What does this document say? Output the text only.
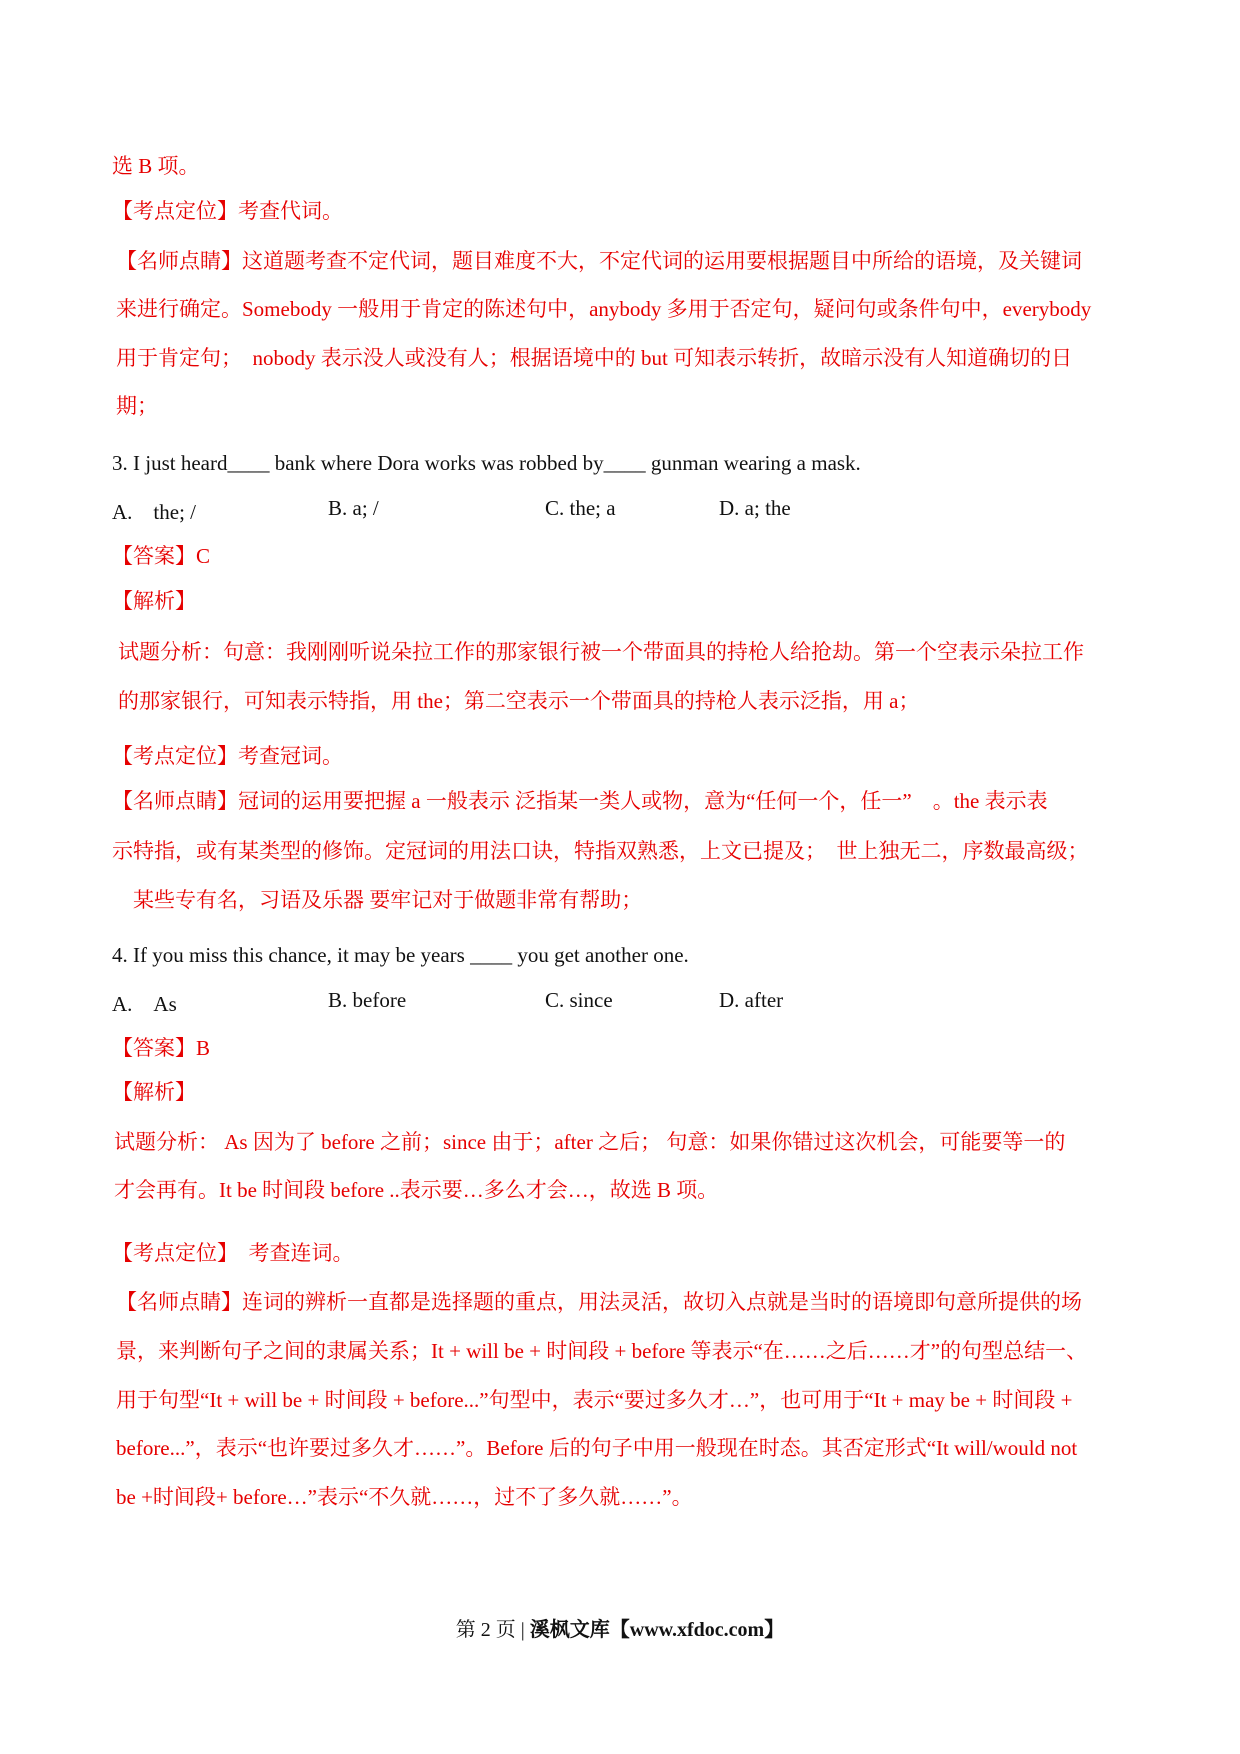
选 B 项。
【考点定位】考查代词。
【名师点睛】这道题考查不定代词，题目难度不大，不定代词的运用要根据题目中所给的语境，及关键词
来进行确定。Somebody 一般用于肯定的陈述句中，anybody 多用于否定句，疑问句或条件句中，everybody
用于肯定句；　nobody 表示没人或没有人；根据语境中的 but 可知表示转折，故暗示没有人知道确切的日
期；
3. I just heard____ bank where Dora works was robbed by____ gunman wearing a mask.
A.　the; /	B. a; /	C. the; a	D. a; the
【答案】C
【解析】
试题分析：句意：我刚刚听说朵拉工作的那家银行被一个带面具的持枪人给抢劫。第一个空表示朵拉工作
的那家银行，可知表示特指，用 the；第二空表示一个带面具的持枪人表示泛指，用 a；
【考点定位】考查冠词。
【名师点睛】冠词的运用要把握 a 一般表示 泛指某一类人或物，意为“任何一个，任一”　。the 表示表
示特指，或有某类型的修饰。定冠词的用法口诀，特指双熟悉，上文已提及；　世上独无二，序数最高级；
　某些专有名，习语及乐器 要牢记对于做题非常有帮助；
4. If you miss this chance, it may be years ____ you get another one.
A.　As	B. before	C. since	D. after
【答案】B
【解析】
试题分析： As 因为了 before 之前；since 由于；after 之后； 句意：如果你错过这次机会，可能要等一的
才会再有。It be 时间段 before ..表示要…多么才会…，故选 B 项。
【考点定位】　考查连词。
【名师点睛】连词的辨析一直都是选择题的重点，用法灵活，故切入点就是当时的语境即句意所提供的场
景，来判断句子之间的隶属关系；It + will be + 时间段 + before 等表示“在……之后……才”的句型总结一、
用于句型“It + will be + 时间段 + before...”句型中，表示“要过多久才…”，也可用于“It + may be + 时间段 +
before...”，表示“也许要过多久才……”。Before 后的句子中用一般现在时态。其否定形式“It will/would not
be +时间段+ before…”表示“不久就……，过不了多久就……”。
第 2 页 | 溪枫文库【www.xfdoc.com】
